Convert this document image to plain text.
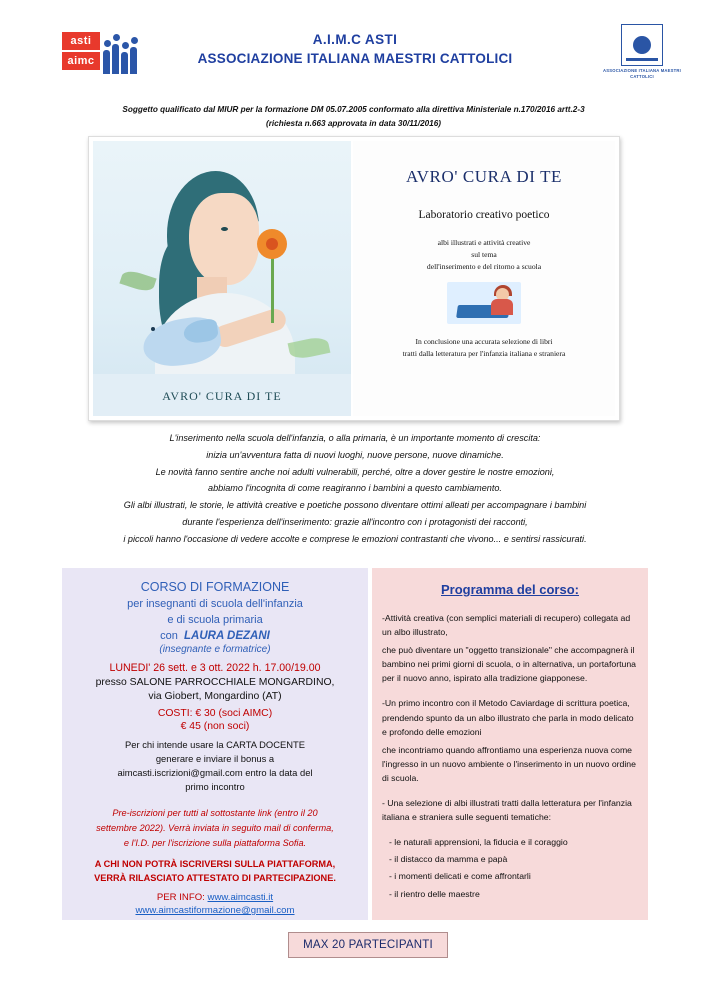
asti
aimc
A.I.M.C ASTI
ASSOCIAZIONE ITALIANA MAESTRI CATTOLICI
ASSOCIAZIONE ITALIANA MAESTRI CATTOLICI
Soggetto qualificato dal MIUR per la formazione DM 05.07.2005 conformato alla direttiva Ministeriale n.170/2016 artt.2-3
(richiesta n.663 approvata in data 30/11/2016)
AVRO' CURA DI TE
AVRO' CURA DI TE
Laboratorio creativo poetico
albi illustrati e attività creative
sul tema
dell'inserimento e del ritorno a scuola
In conclusione una accurata selezione di libri
tratti dalla letteratura per l'infanzia italiana e straniera
L'inserimento nella scuola dell'infanzia, o alla primaria, è un importante momento di crescita:
inizia un'avventura fatta di nuovi luoghi, nuove persone, nuove dinamiche.
Le novità fanno sentire anche noi adulti vulnerabili, perché, oltre a dover gestire le nostre emozioni,
abbiamo l'incognita di come reagiranno i bambini a questo cambiamento.
Gli albi illustrati, le storie, le attività creative e poetiche possono diventare ottimi alleati per accompagnare i bambini
durante l'esperienza dell'inserimento: grazie all'incontro con i protagonisti dei racconti,
i piccoli hanno l'occasione di vedere accolte e comprese le emozioni contrastanti che vivono... e sentirsi rassicurati.
CORSO DI FORMAZIONE
per insegnanti di scuola dell'infanzia
e di scuola primaria
con LAURA DEZANI
(insegnante e formatrice)
LUNEDI' 26 sett. e 3 ott. 2022 h. 17.00/19.00
presso SALONE PARROCCHIALE MONGARDINO,
via Giobert, Mongardino (AT)
COSTI: € 30 (soci AIMC)
€ 45 (non soci)
Per chi intende usare la CARTA DOCENTE
generare e inviare il bonus a
aimcasti.iscrizioni@gmail.com entro la data del
primo incontro
Pre-iscrizioni per tutti al sottostante link (entro il 20
settembre 2022). Verrà inviata in seguito mail di conferma,
e l'I.D. per l'iscrizione sulla piattaforma Sofia.
A CHI NON POTRÀ ISCRIVERSI SULLA PIATTAFORMA,
VERRÀ RILASCIATO ATTESTATO DI PARTECIPAZIONE.
PER INFO: www.aimcasti.it
www.aimcastiformazione@gmail.com
Programma del corso:
-Attività creativa (con semplici materiali di recupero) collegata ad un albo illustrato,
che può diventare un "oggetto transizionale" che accompagnerà il bambino nei primi giorni di scuola, o in alternativa, un portafortuna per il nuovo anno, ispirato alla tradizione giapponese.
-Un primo incontro con il Metodo Caviardage di scrittura poetica, prendendo spunto da un albo illustrato che parla in modo delicato e profondo delle emozioni
che incontriamo quando affrontiamo una esperienza nuova come l'ingresso in un nuovo ambiente o l'inserimento in un nuovo ordine di scuola.
- Una selezione di albi illustrati tratti dalla letteratura per l'infanzia italiana e straniera sulle seguenti tematiche:
- le naturali apprensioni, la fiducia e il coraggio
- il distacco da mamma e papà
- i momenti delicati e come affrontarli
- il rientro delle maestre
MAX 20 PARTECIPANTI
